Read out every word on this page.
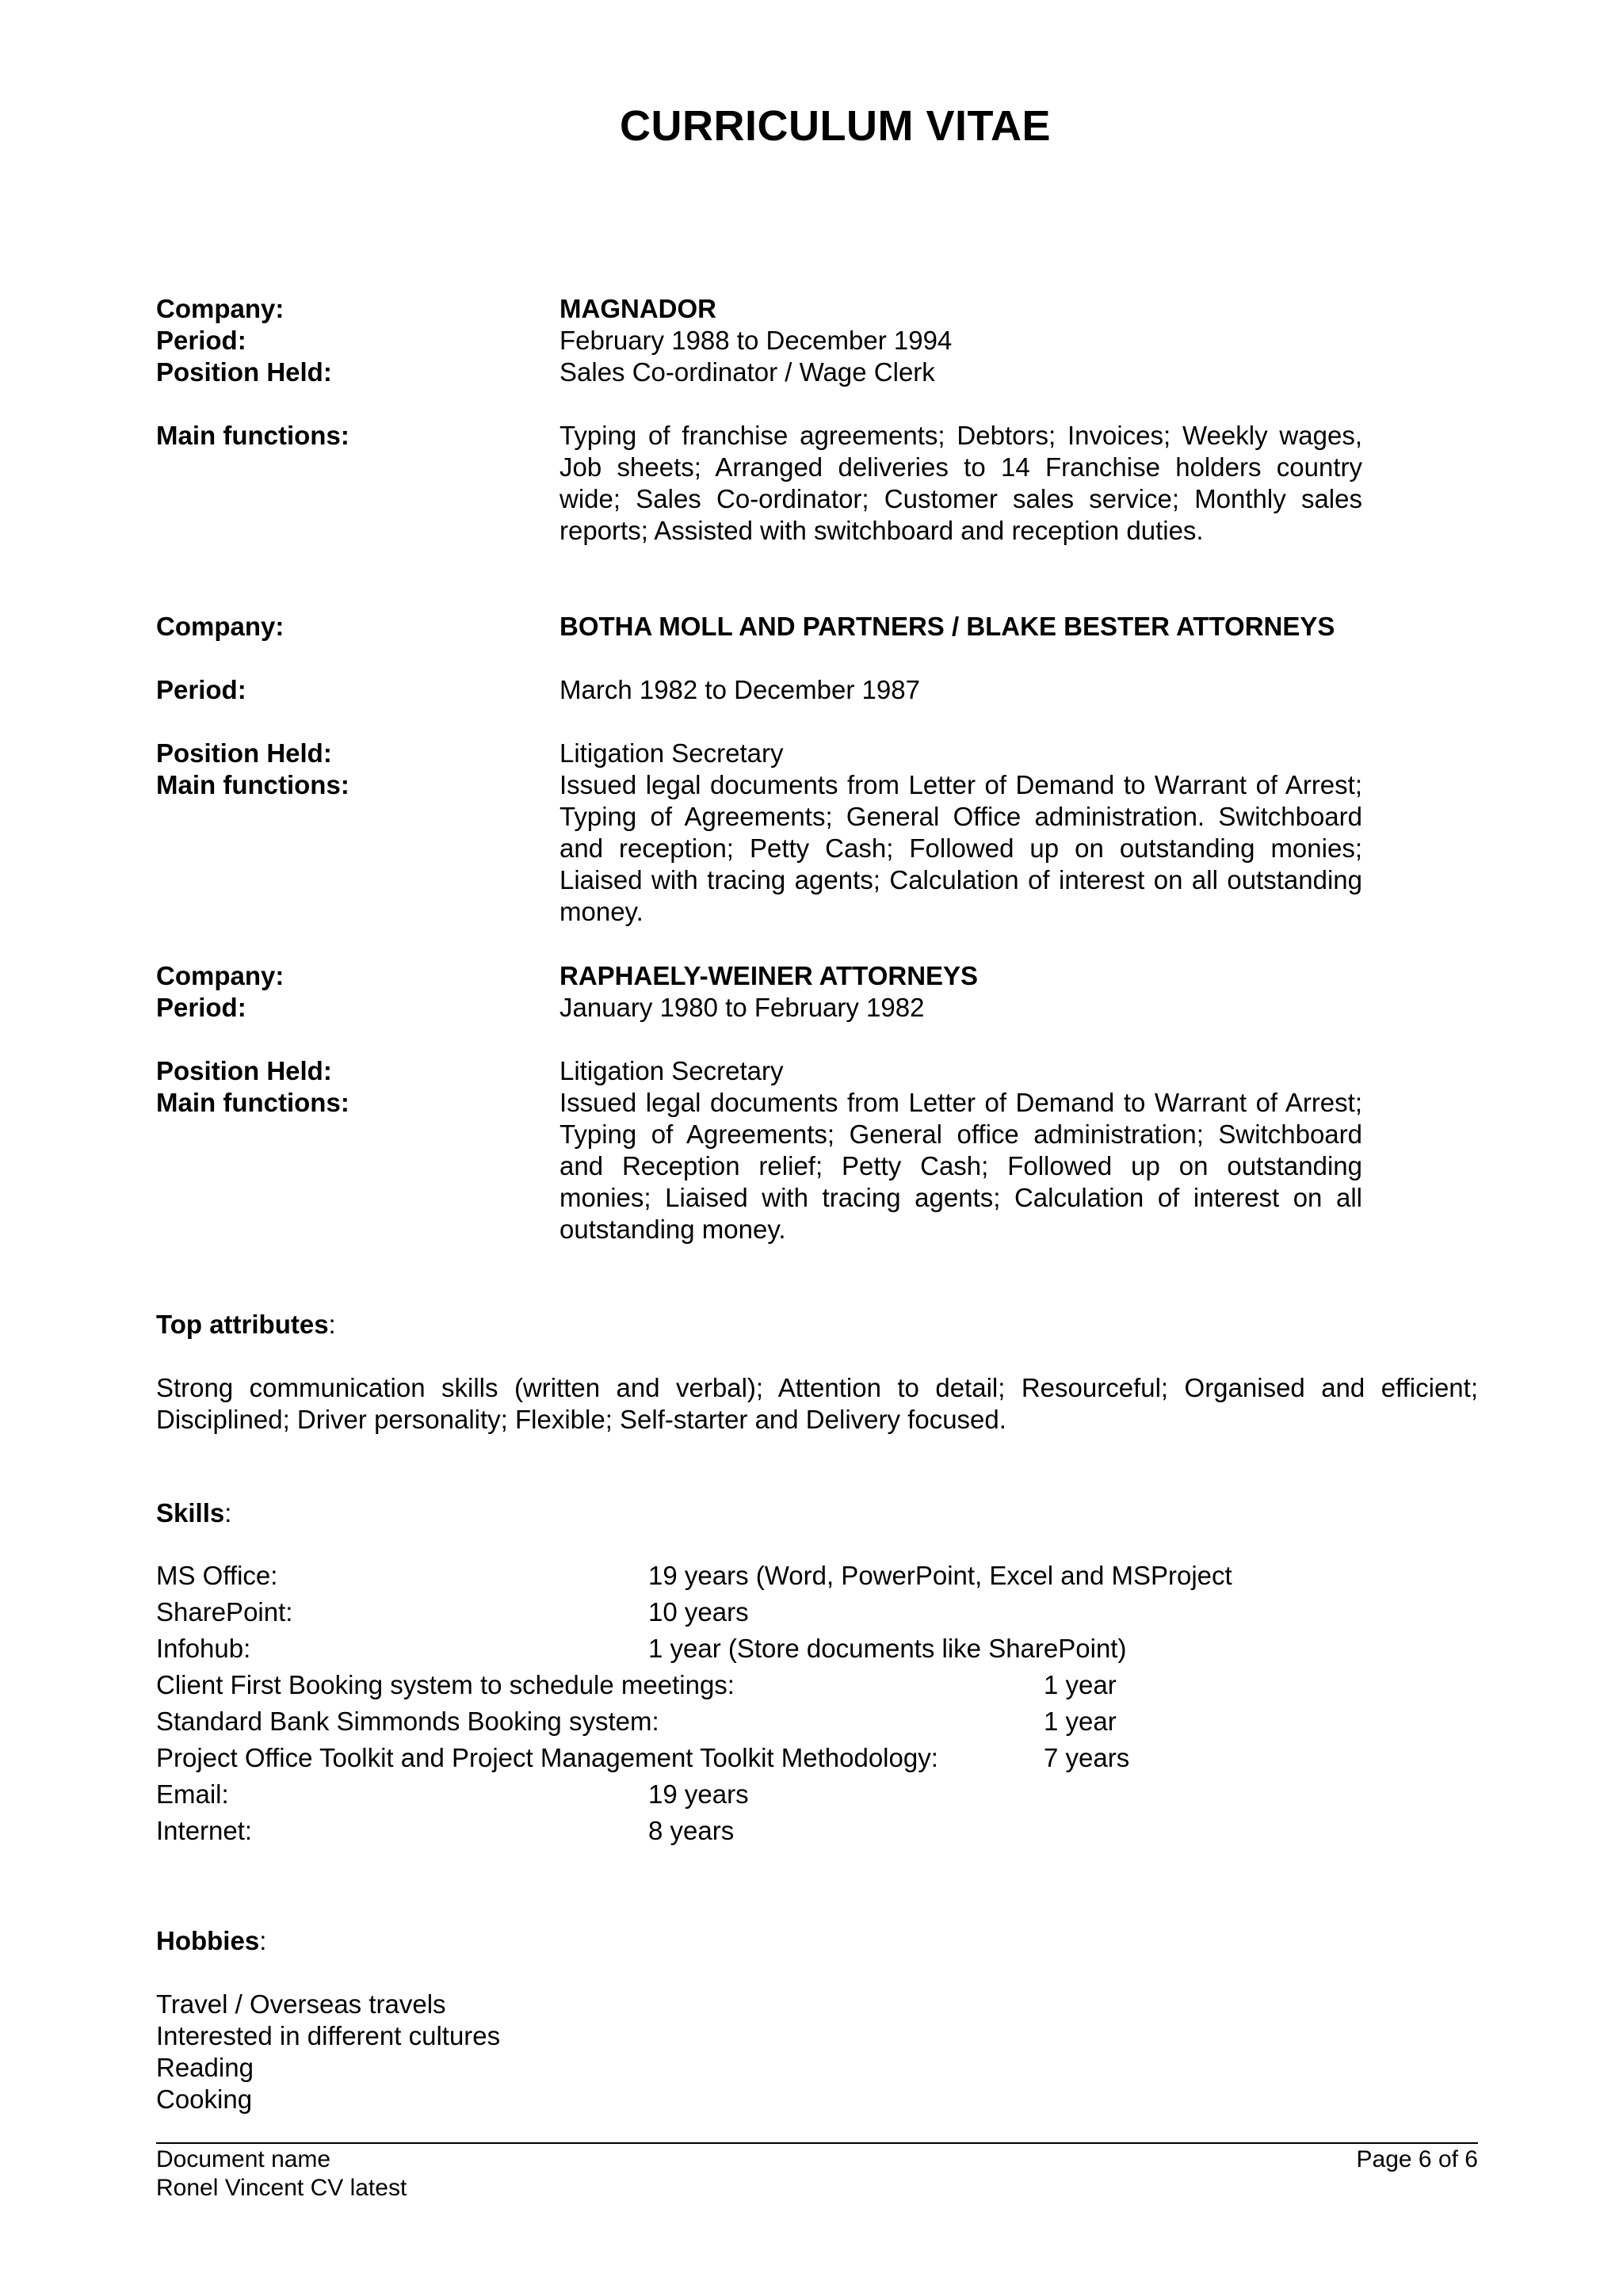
CURRICULUM VITAE
Company:	MAGNADOR
Period:	February 1988 to December 1994
Position Held:	Sales Co-ordinator / Wage Clerk
Main functions:	Typing of franchise agreements; Debtors; Invoices; Weekly wages, Job sheets; Arranged deliveries to 14 Franchise holders country wide; Sales Co-ordinator; Customer sales service; Monthly sales reports; Assisted with switchboard and reception duties.
Company:	BOTHA MOLL AND PARTNERS / BLAKE BESTER ATTORNEYS
Period:	March 1982 to December 1987
Position Held:	Litigation Secretary
Main functions:	Issued legal documents from Letter of Demand to Warrant of Arrest; Typing of Agreements; General Office administration. Switchboard and reception; Petty Cash; Followed up on outstanding monies; Liaised with tracing agents; Calculation of interest on all outstanding money.
Company:	RAPHAELY-WEINER ATTORNEYS
Period:	January 1980 to February 1982
Position Held:	Litigation Secretary
Main functions:	Issued legal documents from Letter of Demand to Warrant of Arrest; Typing of Agreements; General office administration; Switchboard and Reception relief; Petty Cash; Followed up on outstanding monies; Liaised with tracing agents; Calculation of interest on all outstanding money.
Top attributes:
Strong communication skills (written and verbal); Attention to detail; Resourceful; Organised and efficient; Disciplined; Driver personality; Flexible; Self-starter and Delivery focused.
Skills:
MS Office:	19 years (Word, PowerPoint, Excel and MSProject
SharePoint:	10 years
Infohub:	1 year (Store documents like SharePoint)
Client First Booking system to schedule meetings:	1 year
Standard Bank Simmonds Booking system:	1 year
Project Office Toolkit and Project Management Toolkit Methodology:	7 years
Email:	19 years
Internet:	8 years
Hobbies:
Travel / Overseas travels
Interested in different cultures
Reading
Cooking
Document name
Ronel Vincent CV latest
Page 6 of 6
